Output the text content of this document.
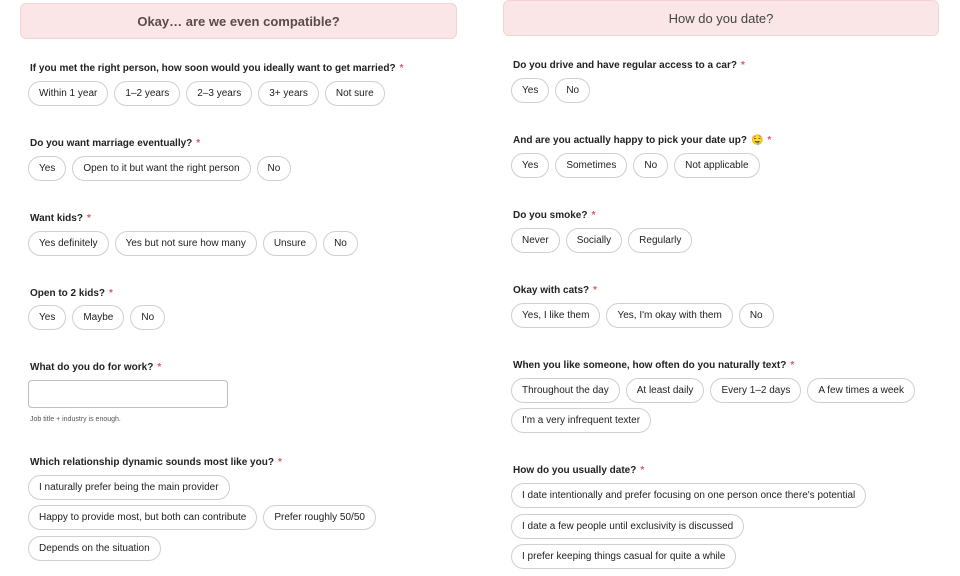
Okay… are we even compatible?
If you met the right person, how soon would you ideally want to get married? *
Within 1 year	1–2 years	2–3 years	3+ years	Not sure
Do you want marriage eventually? *
Yes	Open to it but want the right person	No
Want kids? *
Yes definitely	Yes but not sure how many	Unsure	No
Open to 2 kids? *
Yes	Maybe	No
What do you do for work? *
Job title + industry is enough.
Which relationship dynamic sounds most like you? *
I naturally prefer being the main provider
Happy to provide most, but both can contribute	Prefer roughly 50/50
Depends on the situation
How do you date?
Do you drive and have regular access to a car? *
Yes	No
And are you actually happy to pick your date up? 🤤 *
Yes	Sometimes	No	Not applicable
Do you smoke? *
Never	Socially	Regularly
Okay with cats? *
Yes, I like them	Yes, I'm okay with them	No
When you like someone, how often do you naturally text? *
Throughout the day	At least daily	Every 1–2 days	A few times a week
I'm a very infrequent texter
How do you usually date? *
I date intentionally and prefer focusing on one person once there's potential
I date a few people until exclusivity is discussed
I prefer keeping things casual for quite a while
